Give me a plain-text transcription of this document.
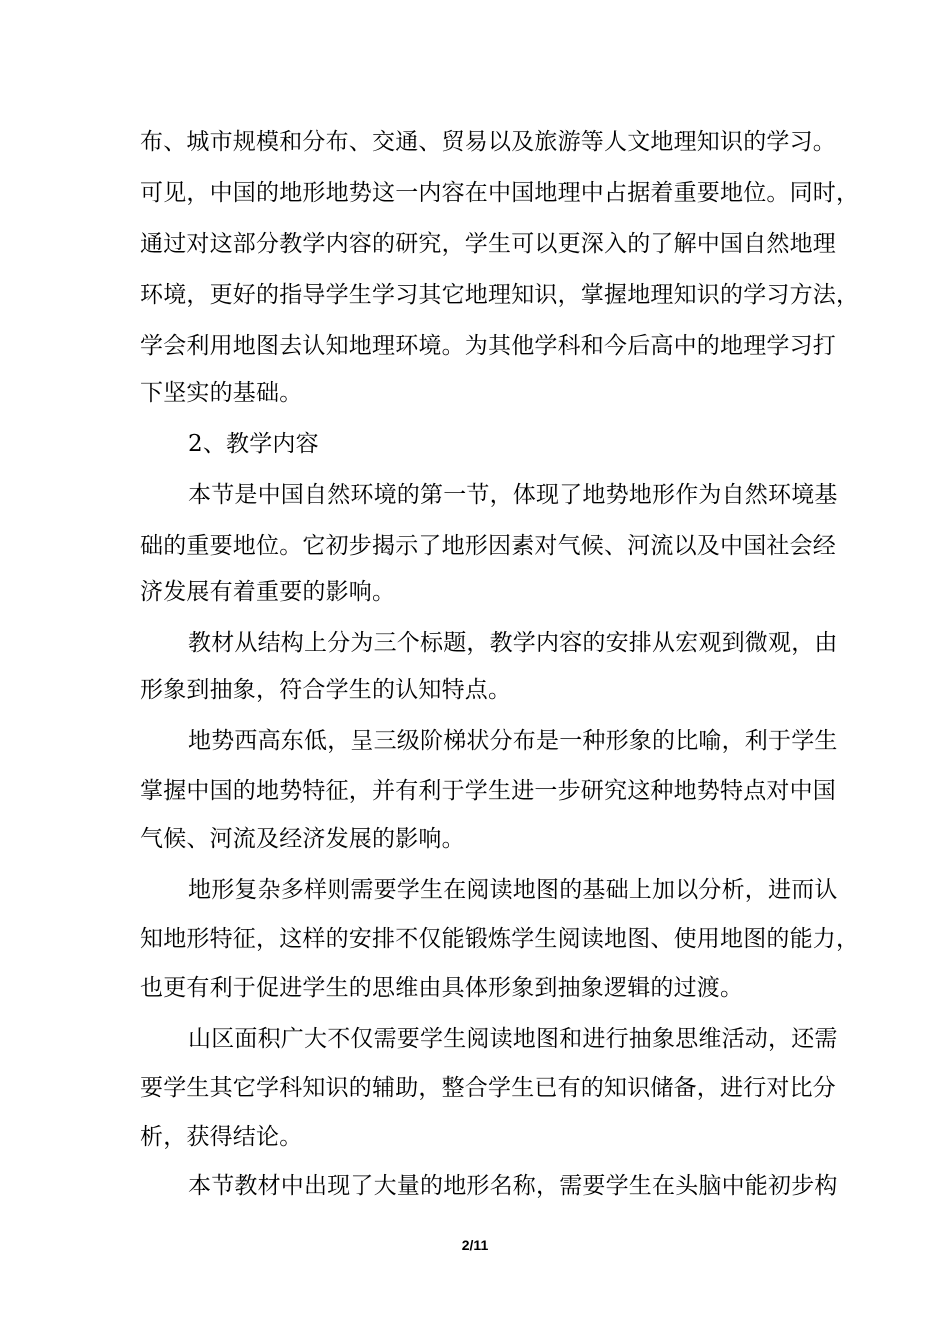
布、城市规模和分布、交通、贸易以及旅游等人文地理知识的学习。
可见，中国的地形地势这一内容在中国地理中占据着重要地位。同时，
通过对这部分教学内容的研究，学生可以更深入的了解中国自然地理
环境，更好的指导学生学习其它地理知识，掌握地理知识的学习方法，
学会利用地图去认知地理环境。为其他学科和今后高中的地理学习打
下坚实的基础。
2、教学内容
本节是中国自然环境的第一节，体现了地势地形作为自然环境基
础的重要地位。它初步揭示了地形因素对气候、河流以及中国社会经
济发展有着重要的影响。
教材从结构上分为三个标题，教学内容的安排从宏观到微观，由
形象到抽象，符合学生的认知特点。
地势西高东低，呈三级阶梯状分布是一种形象的比喻，利于学生
掌握中国的地势特征，并有利于学生进一步研究这种地势特点对中国
气候、河流及经济发展的影响。
地形复杂多样则需要学生在阅读地图的基础上加以分析，进而认
知地形特征，这样的安排不仅能锻炼学生阅读地图、使用地图的能力，
也更有利于促进学生的思维由具体形象到抽象逻辑的过渡。
山区面积广大不仅需要学生阅读地图和进行抽象思维活动，还需
要学生其它学科知识的辅助，整合学生已有的知识储备，进行对比分
析，获得结论。
本节教材中出现了大量的地形名称，需要学生在头脑中能初步构
2/11
